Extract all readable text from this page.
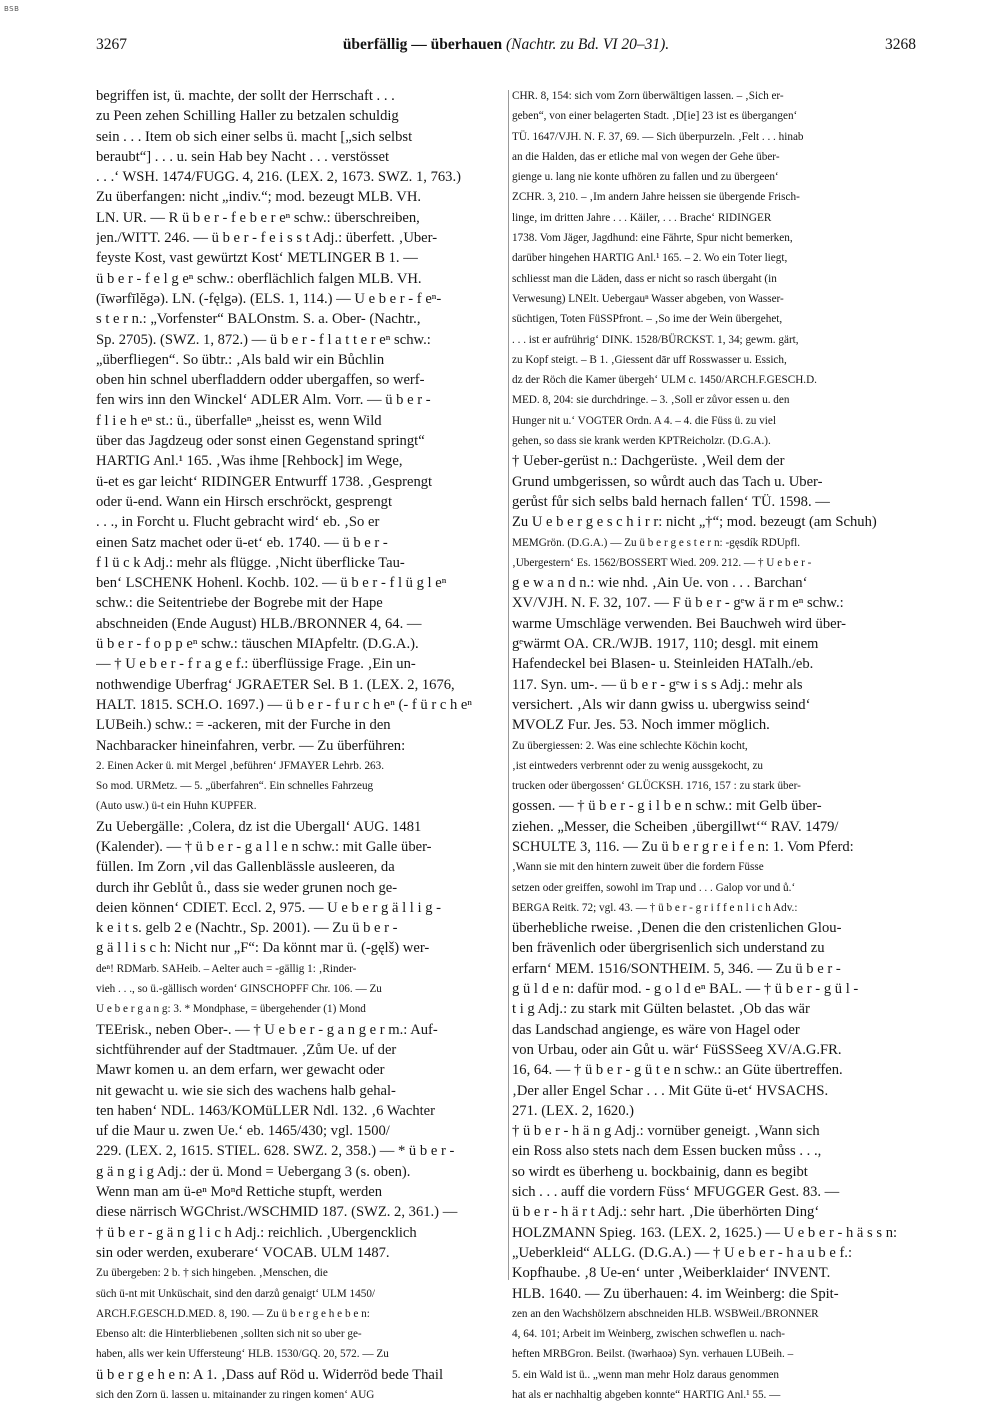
BSB
3267	überfällig — überhauen (Nachtr. zu Bd. VI 20–31).	3268
begriffen ist, ü. machte, der sollt der Herrschaft . . .
zu Peen zehen Schilling Haller zu betzalen schuldig
sein . . . Item ob sich einer selbs ü. macht [„sich selbst
beraubt“] . . . u. sein Hab bey Nacht . . . verstösset
. . .‘ WSH. 1474/FUGG. 4, 216. (LEX. 2, 1673. SWZ. 1, 763.)
Zu überfangen: nicht „indiv.“; mod. bezeugt MLB. VH.
LN. UR. — R ü b e r - f e b e r eⁿ schw.: überschreiben,
jen./WITT. 246. — ü b e r - f e i s s t Adj.: überfett. ‚Uber-
feyste Kost, vast gewürtzt Kost‘ METLINGER B 1. —
ü b e r - f e l g eⁿ schw.: oberflächlich falgen MLB. VH.
(īwərfīlĕgə). LN. (-fęlgə). (ELS. 1, 114.) — U e b e r - f eⁿ-
s t e r n.: „Vorfenster“ BALOnstm. S. a. Ober- (Nachtr.,
Sp. 2705). (SWZ. 1, 872.) — ü b e r - f l a t t e r eⁿ schw.:
„überfliegen“. So übtr.: ‚Als bald wir ein Bůchlin
oben hin schnel uberfladdern odder ubergaffen, so werf-
fen wirs inn den Winckel‘ ADLER Alm. Vorr. — ü b e r -
f l i e h eⁿ st.: ü., überfalleⁿ „heisst es, wenn Wild
über das Jagdzeug oder sonst einen Gegenstand springt“
HARTIG Anl.¹ 165. ‚Was ihme [Rehbock] im Wege,
ü-et es gar leicht‘ RIDINGER Entwurff 1738. ‚Gesprengt
oder ü-end. Wann ein Hirsch erschröckt, gesprengt
. . ., in Forcht u. Flucht gebracht wird‘ eb. ‚So er
einen Satz machet oder ü-et‘ eb. 1740. — ü b e r -
f l ü c k Adj.: mehr als flügge. ‚Nicht überflicke Tau-
ben‘ LSCHENK Hohenl. Kochb. 102. — ü b e r - f l ü g l eⁿ
schw.: die Seitentriebe der Bogrebe mit der Hape
abschneiden (Ende August) HLB./BRONNER 4, 64. —
ü b e r - f o p p eⁿ schw.: täuschen MIApfeltr. (D.G.A.).
— † U e b e r - f r a g e f.: überflüssige Frage. ‚Ein un-
nothwendige Uberfrag‘ JGRAETER Sel. B 1. (LEX. 2, 1676,
HALT. 1815. SCH.O. 1697.) — ü b e r - f u r c h eⁿ (- f ü r c h eⁿ
LUBeih.) schw.: = -ackeren, mit der Furche in den
Nachbaracker hineinfahren, verbr. — Zu überführen:
2. Einen Acker ü. mit Mergel ‚beführen‘ JFMAYER Lehrb. 263.
So mod. URMetz. — 5. „überfahren“. Ein schnelles Fahrzeug
(Auto usw.) ü-t ein Huhn KUPFER.
Zu Uebergälle: ‚Colera, dz ist die Ubergall‘ AUG. 1481
(Kalender). — † ü b e r - g a l l e n schw.: mit Galle über-
füllen. Im Zorn ‚vil das Gallenblässle ausleeren, da
durch ihr Geblůt ů., dass sie weder grunen noch ge-
deien können‘ CDIET. Eccl. 2, 975. — U e b e r g ä l l i g -
k e i t s. gelb 2 e (Nachtr., Sp. 2001). — Zu ü b e r -
g ä l l i s c h: Nicht nur „F“: Da könnt mar ü. (-gęlš) wer-
deⁿ! RDMarb. SAHeib. – Aelter auch = -gällig 1: ‚Rinder-
vieh . . ., so ü.-gällisch worden‘ GINSCHOPFF Chr. 106. — Zu
U e b e r g a n g: 3. * Mondphase, = übergehender (1) Mond
TEErisk., neben Ober-. — † U e b e r - g a n g e r m.: Auf-
sichtführender auf der Stadtmauer. ‚Zům Ue. uf der
Mawr komen u. an dem erfarn, wer gewacht oder
nit gewacht u. wie sie sich des wachens halb gehal-
ten haben‘ NDL. 1463/KOMüLLER Ndl. 132. ‚6 Wachter
uf die Maur u. zwen Ue.‘ eb. 1465/430; vgl. 1500/
229. (LEX. 2, 1615. STIEL. 628. SWZ. 2, 358.) — * ü b e r -
g ä n g i g Adj.: der ü. Mond = Uebergang 3 (s. oben).
Wenn man am ü-eⁿ Moⁿd Rettiche stupft, werden
diese närrisch WGChrist./WSCHMID 187. (SWZ. 2, 361.) —
† ü b e r - g ä n g l i c h Adj.: reichlich. ‚Ubergencklich
sin oder werden, exuberare‘ VOCAB. ULM 1487.
Zu übergeben: 2 b. † sich hingeben. ‚Menschen, die
süch ü-nt mit Unküschait, sind den darzů genaigt‘ ULM 1450/
ARCH.F.GESCH.D.MED. 8, 190. — Zu ü b e r g e h e b e n:
Ebenso alt: die Hinterbliebenen ‚sollten sich nit so uber ge-
haben, alls wer kein Uffersteung‘ HLB. 1530/GQ. 20, 572. — Zu
ü b e r g e h e n: A 1. ‚Dass auf Röd u. Widerröd bede Thail
sich den Zorn ü. lassen u. mitainander zu ringen komen‘ AUG
CHR. 8, 154: sich vom Zorn überwältigen lassen. – ‚Sich er-
geben“, von einer belagerten Stadt. ‚D[ie] 23 ist es übergangen‘
TÜ. 1647/VJH. N. F. 37, 69. — Sich überpurzeln. ‚Felt . . . hinab
an die Halden, das er etliche mal von wegen der Gehe über-
gienge u. lang nie konte ufhören zu fallen und zu übergeen‘
ZCHR. 3, 210. – ‚Im andern Jahre heissen sie übergende Frisch-
linge, im dritten Jahre . . . Käiler, . . . Brache‘ RIDINGER
1738. Vom Jäger, Jagdhund: eine Fährte, Spur nicht bemerken,
darüber hingehen HARTIG Anl.¹ 165. – 2. Wo ein Toter liegt,
schliesst man die Läden, dass er nicht so rasch übergaht (in
Verwesung) LNElt. Uebergauⁿ Wasser abgeben, von Wasser-
süchtigen, Toten FüSSPfront. – ‚So ime der Wein übergehet,
. . . ist er aufrührig‘ DINK. 1528/BÜRCKST. 1, 34; gewm. gärt,
zu Kopf steigt. – B 1. ‚Giessent dār uff Rosswasser u. Essich,
dz der Röch die Kamer übergeh‘ ULM c. 1450/ARCH.F.GESCH.D.
MED. 8, 204: sie durchdringe. – 3. ‚Soll er zůvor essen u. den
Hunger nit u.‘ VOGTER Ordn. A 4. – 4. die Füss ü. zu viel
gehen, so dass sie krank werden KPTReicholzr. (D.G.A.).
† Ueber-gerüst n.: Dachgerüste. ‚Weil dem der
Grund umbgerissen, so wůrdt auch das Tach u. Uber-
gerůst fůr sich selbs bald hernach fallen‘ TÜ. 1598. —
Zu U e b e r g e s c h i r r: nicht „†“; mod. bezeugt (am Schuh)
MEMGrön. (D.G.A.) — Zu ü b e r g e s t e r n: -gęsdík RDUpfl.
‚Ubergestern‘ Es. 1562/BOSSERT Wied. 209. 212. — † U e b e r -
g e w a n d n.: wie nhd. ‚Ain Ue. von . . . Barchan‘
XV/VJH. N. F. 32, 107. — F ü b e r - gᵉw ä r m eⁿ schw.:
warme Umschläge verwenden. Bei Bauchweh wird über-
gᵉwärmt OA. CR./WJB. 1917, 110; desgl. mit einem
Hafendeckel bei Blasen- u. Steinleiden HATalh./eb.
117. Syn. um-. — ü b e r - gᵉw i s s Adj.: mehr als
versichert. ‚Als wir dann gwiss u. ubergwiss seind‘
MVOLZ Fur. Jes. 53. Noch immer möglich.
Zu übergiessen: 2. Was eine schlechte Köchin kocht,
‚ist eintweders verbrennt oder zu wenig aussgekocht, zu
trucken oder übergossen‘ GLÜCKSH. 1716, 157 : zu stark über-
gossen. — † ü b e r - g i l b e n schw.: mit Gelb über-
ziehen. „Messer, die Scheiben ‚übergillwt‘“ RAV. 1479/
SCHULTE 3, 116. — Zu ü b e r g r e i f e n: 1. Vom Pferd:
‚Wann sie mit den hintern zuweit über die fordern Füsse
setzen oder greiffen, sowohl im Trap und . . . Galop vor und ů.‘
BERGA Reitk. 72; vgl. 43. — † ü b e r - g r i f f e n l i c h Adv.:
überhebliche rweise. ‚Denen die den cristenlichen Glou-
ben frävenlich oder übergrisenlich sich understand zu
erfarn‘ MEM. 1516/SONTHEIM. 5, 346. — Zu ü b e r -
g ü l d e n: dafür mod. - g o l d eⁿ BAL. — † ü b e r - g ü l -
t i g Adj.: zu stark mit Gülten belastet. ‚Ob das wär
das Landschad angienge, es wäre von Hagel oder
von Urbau, oder ain Gůt u. wär‘ FüSSSeeg XV/A.G.FR.
16, 64. — † ü b e r - g ü t e n schw.: an Güte übertreffen.
‚Der aller Engel Schar . . . Mit Güte ü-et‘ HVSACHS.
271. (LEX. 2, 1620.)
† ü b e r - h ä n g Adj.: vornüber geneigt. ‚Wann sich
ein Ross also stets nach dem Essen bucken můss . . .,
so wirdt es überheng u. bockbainig, dann es begibt
sich . . . auff die vordern Füss‘ MFUGGER Gest. 83. —
ü b e r - h ä r t Adj.: sehr hart. ‚Die überhörten Ding‘
HOLZMANN Spieg. 163. (LEX. 2, 1625.) — U e b e r - h ä s s n:
„Ueberkleid“ ALLG. (D.G.A.) — † U e b e r - h a u b e f.:
Kopfhaube. ‚8 Ue-en‘ unter ‚Weiberklaider‘ INVENT.
HLB. 1640. — Zu überhauen: 4. im Weinberg: die Spit-
zen an den Wachshölzern abschneiden HLB. WSBWeil./BRONNER
4, 64. 101; Arbeit im Weinberg, zwischen schweflen u. nach-
heften MRBGron. Beilst. (īwərhaoə) Syn. verhauen LUBeih. –
5. ein Wald ist ü.. „wenn man mehr Holz daraus genommen
hat als er nachhaltig abgeben konnte“ HARTIG Anl.¹ 55. —
